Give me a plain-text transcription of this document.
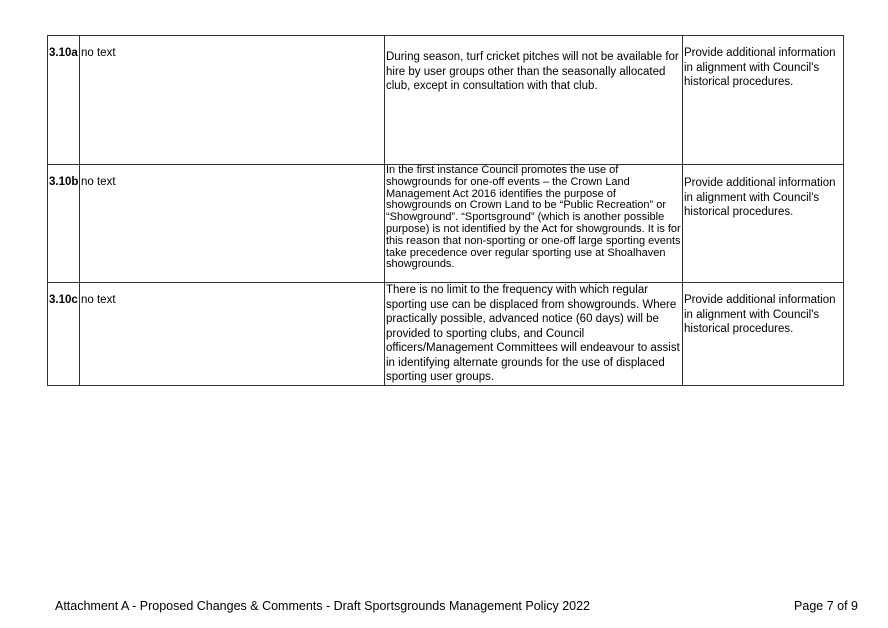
3.10a	no text	During season, turf cricket pitches will not be available for hire by user groups other than the seasonally allocated club, except in consultation with that club.	Provide additional information in alignment with Council's historical procedures.
3.10b	no text	In the first instance Council promotes the use of showgrounds for one-off events – the Crown Land Management Act 2016 identifies the purpose of showgrounds on Crown Land to be “Public Recreation” or “Showground”. “Sportsground” (which is another possible purpose) is not identified by the Act for showgrounds. It is for this reason that non-sporting or one-off large sporting events take precedence over regular sporting use at Shoalhaven showgrounds.	Provide additional information in alignment with Council's historical procedures.
3.10c	no text	There is no limit to the frequency with which regular sporting use can be displaced from showgrounds. Where practically possible, advanced notice (60 days) will be provided to sporting clubs, and Council officers/Management Committees will endeavour to assist in identifying alternate grounds for the use of displaced sporting user groups.	Provide additional information in alignment with Council's historical procedures.
Attachment A - Proposed Changes & Comments - Draft Sportsgrounds Management Policy 2022	Page 7 of 9
